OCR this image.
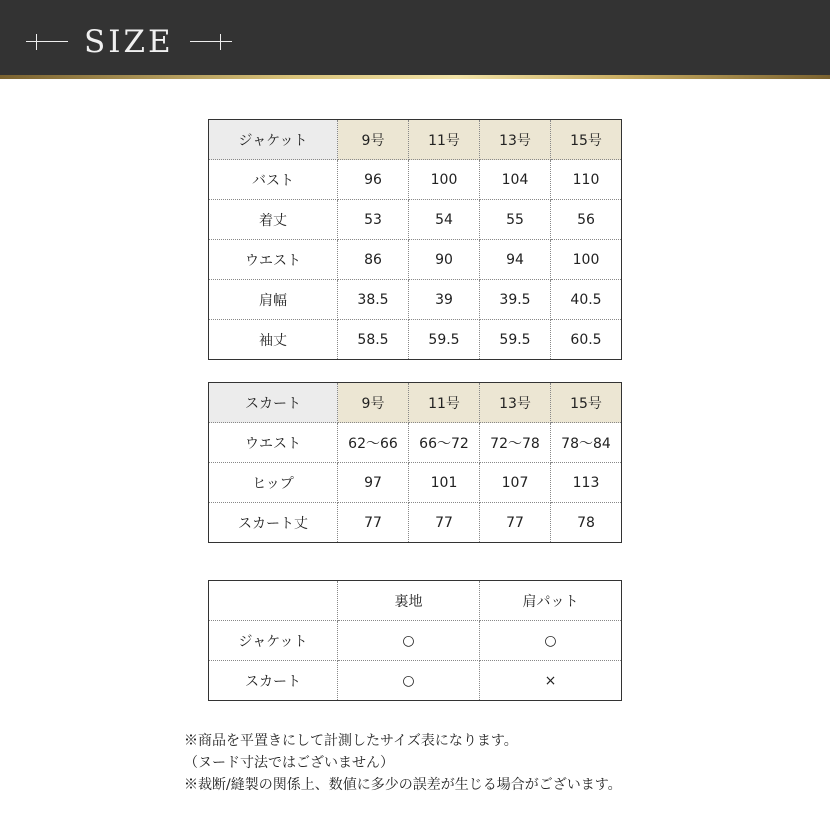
SIZE
ジャケット	9号	11号	13号	15号
バスト	96	100	104	110
着丈	53	54	55	56
ウエスト	86	90	94	100
肩幅	38.5	39	39.5	40.5
袖丈	58.5	59.5	59.5	60.5
スカート	9号	11号	13号	15号
ウエスト	62～66	66～72	72～78	78～84
ヒップ	97	101	107	113
スカート丈	77	77	77	78
	裏地	肩パット
ジャケット	○	○
スカート	○	×
※商品を平置きにして計測したサイズ表になります。
（ヌード寸法ではございません）
※裁断/縫製の関係上、数値に多少の誤差が生じる場合がございます。
